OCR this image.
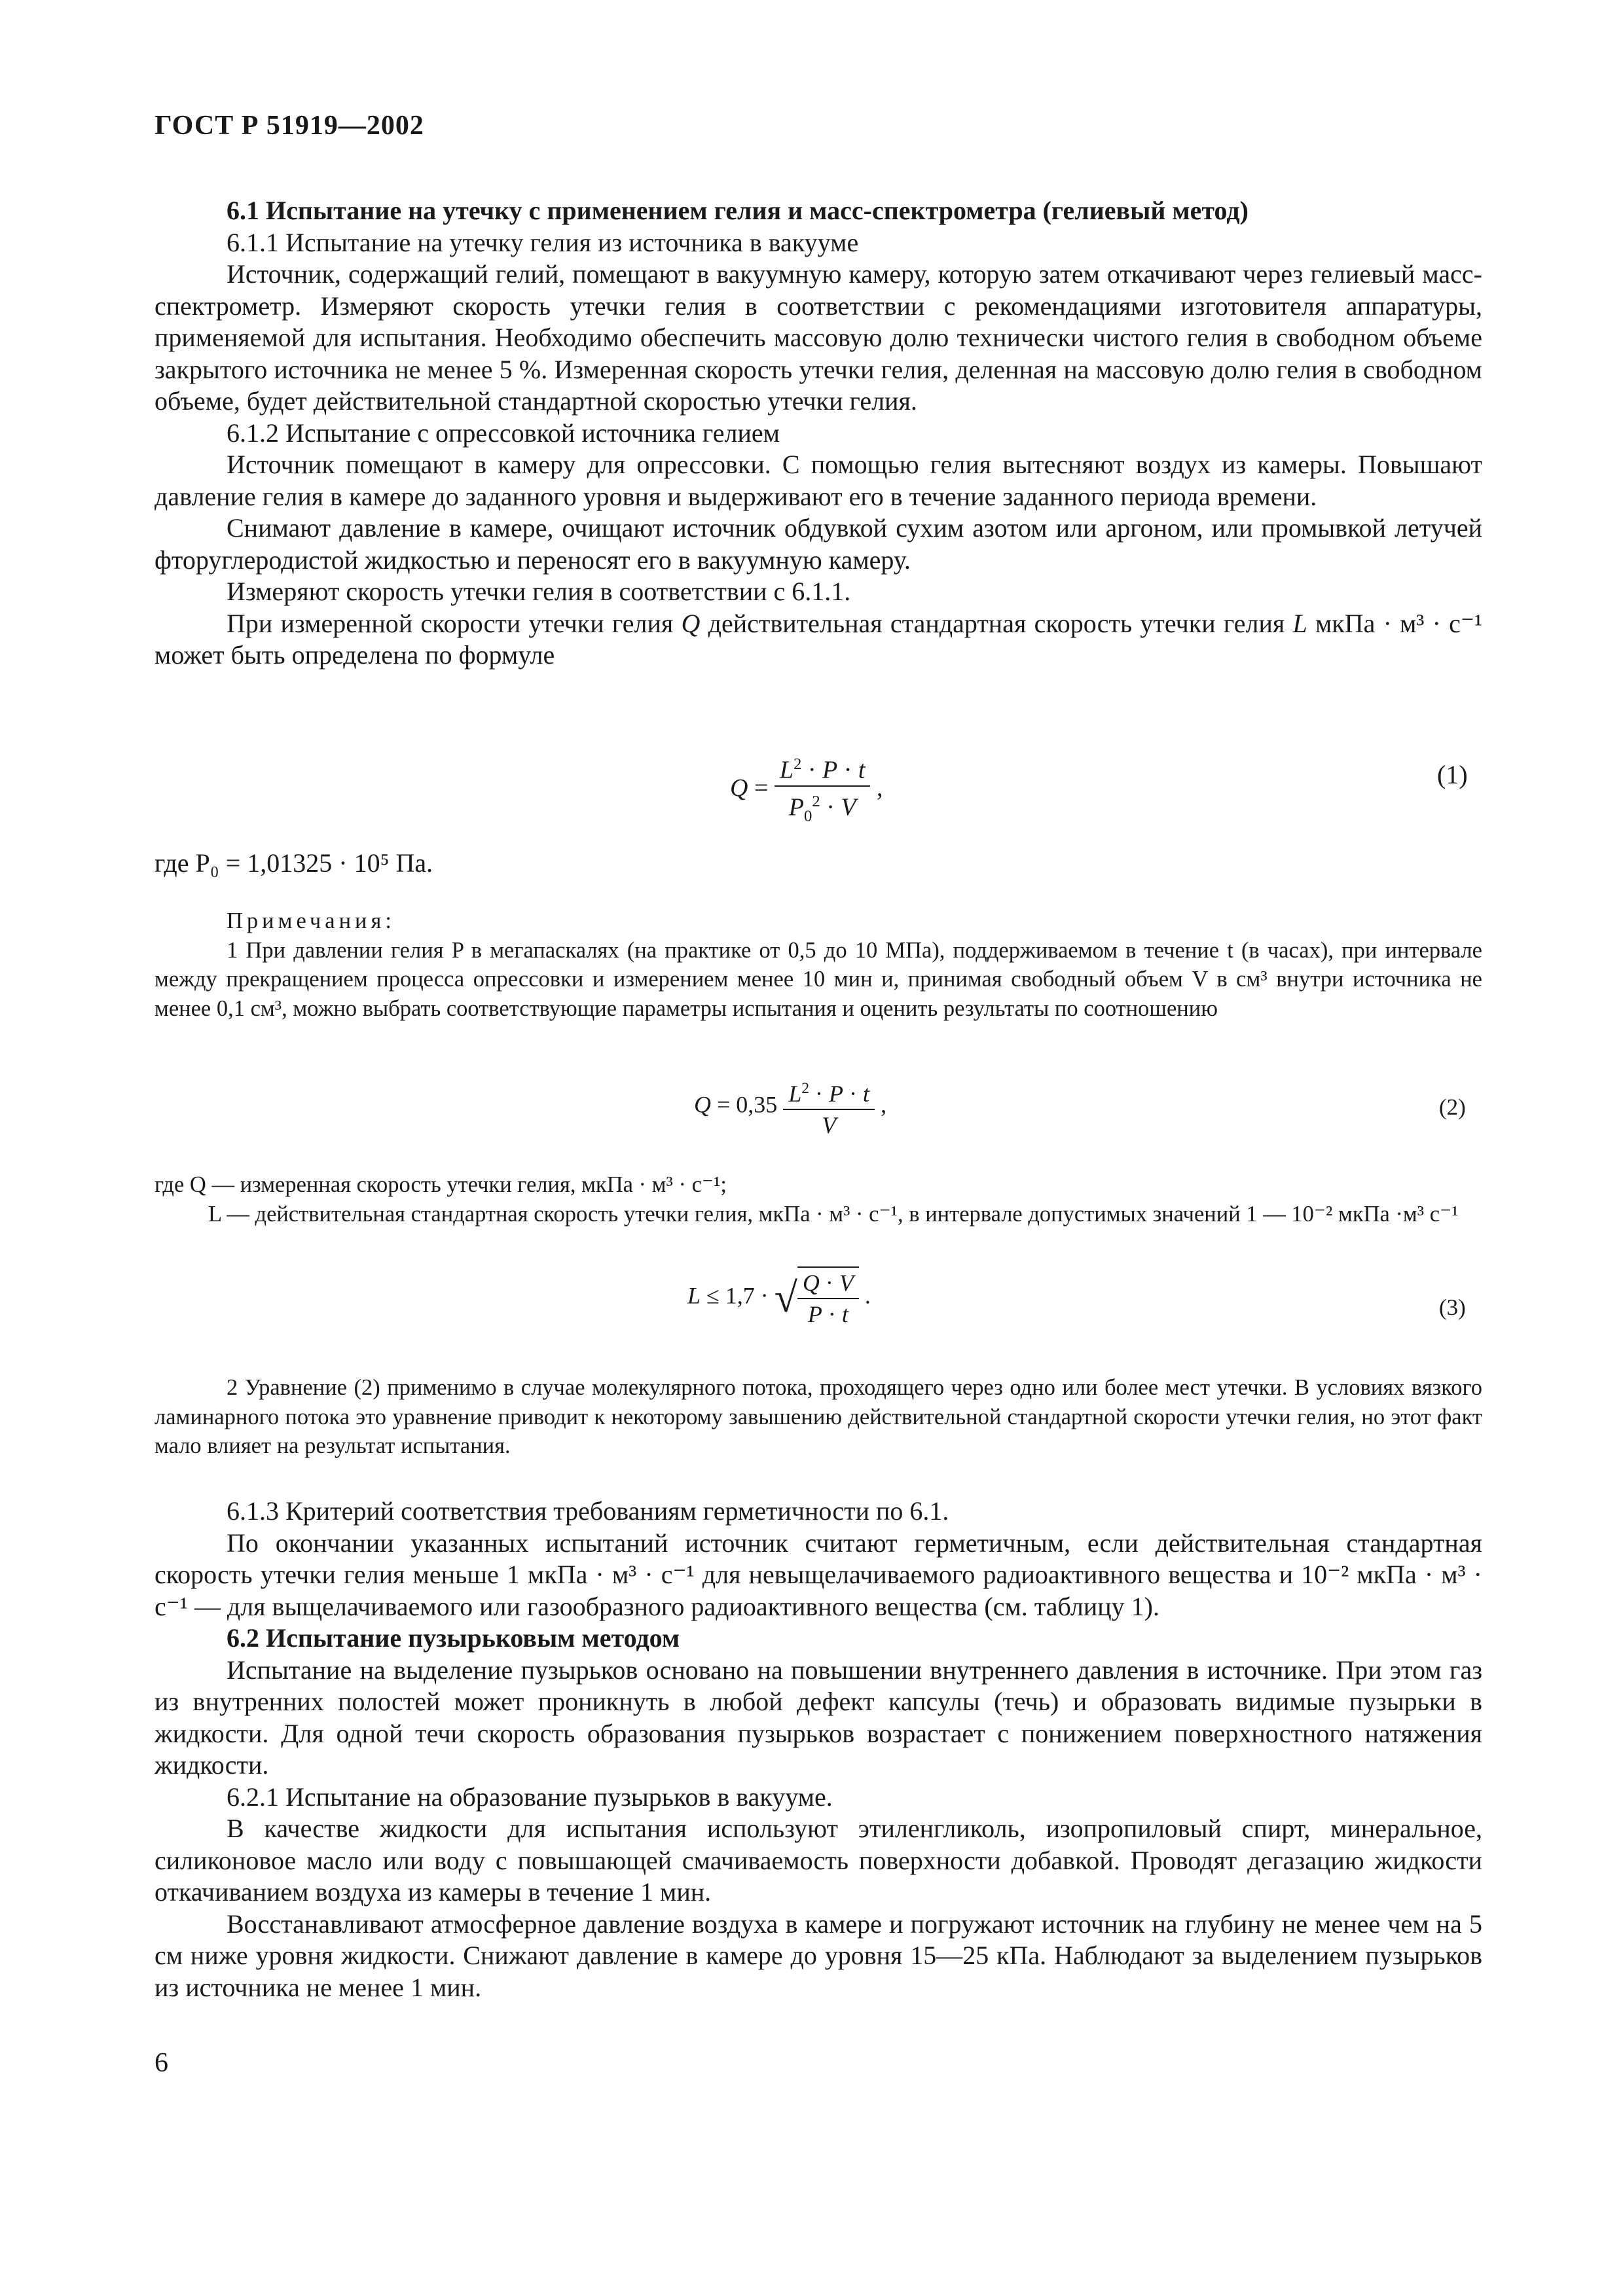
ГОСТ Р 51919—2002

6.1 Испытание на утечку с применением гелия и масс-спектрометра (гелиевый метод)

6.1.1 Испытание на утечку гелия из источника в вакууме

Источник, содержащий гелий, помещают в вакуумную камеру, которую затем откачивают через гелиевый масс-спектрометр. Измеряют скорость утечки гелия в соответствии с рекомендациями изготовителя аппаратуры, применяемой для испытания. Необходимо обеспечить массовую долю технически чистого гелия в свободном объеме закрытого источника не менее 5 %. Измеренная скорость утечки гелия, деленная на массовую долю гелия в свободном объеме, будет действительной стандартной скоростью утечки гелия.

6.1.2 Испытание с опрессовкой источника гелием

Источник помещают в камеру для опрессовки. С помощью гелия вытесняют воздух из камеры. Повышают давление гелия в камере до заданного уровня и выдерживают его в течение заданного периода времени.

Снимают давление в камере, очищают источник обдувкой сухим азотом или аргоном, или промывкой летучей фторуглеродистой жидкостью и переносят его в вакуумную камеру.

Измеряют скорость утечки гелия в соответствии с 6.1.1.

При измеренной скорости утечки гелия Q действительная стандартная скорость утечки гелия L мкПа · м³ · с⁻¹ может быть определена по формуле

$Q = \frac{L^2 \cdot P \cdot t}{P_0^2 \cdot V}$ ,	(1)
где P₀ = 1,01325 · 10⁵ Па.

Примечания:

1 При давлении гелия P в мегапаскалях (на практике от 0,5 до 10 МПа), поддерживаемом в течение t (в часах), при интервале между прекращением процесса опрессовки и измерением менее 10 мин и, принимая свободный объем V в см³ внутри источника не менее 0,1 см³, можно выбрать соответствующие параметры испытания и оценить результаты по соотношению

$Q = 0,35 \frac{L^2 \cdot P \cdot t}{V}$ ,	(2)

где Q — измеренная скорость утечки гелия, мкПа · м³ · с⁻¹;

L — действительная стандартная скорость утечки гелия, мкПа · м³ · с⁻¹, в интервале допустимых значений 1 — 10⁻² мкПа ·м³ с⁻¹

L ≤ 1,7 · √ $\frac{Q \cdot V}{P \cdot t}$ .	(3)

2 Уравнение (2) применимо в случае молекулярного потока, проходящего через одно или более мест утечки. В условиях вязкого ламинарного потока это уравнение приводит к некоторому завышению действительной стандартной скорости утечки гелия, но этот факт мало влияет на результат испытания.

6.1.3 Критерий соответствия требованиям герметичности по 6.1.

По окончании указанных испытаний источник считают герметичным, если действительная стандартная скорость утечки гелия меньше 1 мкПа · м³ · с⁻¹ для невыщелачиваемого радиоактивного вещества и 10⁻² мкПа · м³ · с⁻¹ — для выщелачиваемого или газообразного радиоактивного вещества (см. таблицу 1).

6.2 Испытание пузырьковым методом

Испытание на выделение пузырьков основано на повышении внутреннего давления в источнике. При этом газ из внутренних полостей может проникнуть в любой дефект капсулы (течь) и образовать видимые пузырьки в жидкости. Для одной течи скорость образования пузырьков возрастает с понижением поверхностного натяжения жидкости.

6.2.1 Испытание на образование пузырьков в вакууме.

В качестве жидкости для испытания используют этиленгликоль, изопропиловый спирт, минеральное, силиконовое масло или воду с повышающей смачиваемость поверхности добавкой. Проводят дегазацию жидкости откачиванием воздуха из камеры в течение 1 мин.

Восстанавливают атмосферное давление воздуха в камере и погружают источник на глубину не менее чем на 5 см ниже уровня жидкости. Снижают давление в камере до уровня 15—25 кПа. Наблюдают за выделением пузырьков из источника не менее 1 мин.

6
